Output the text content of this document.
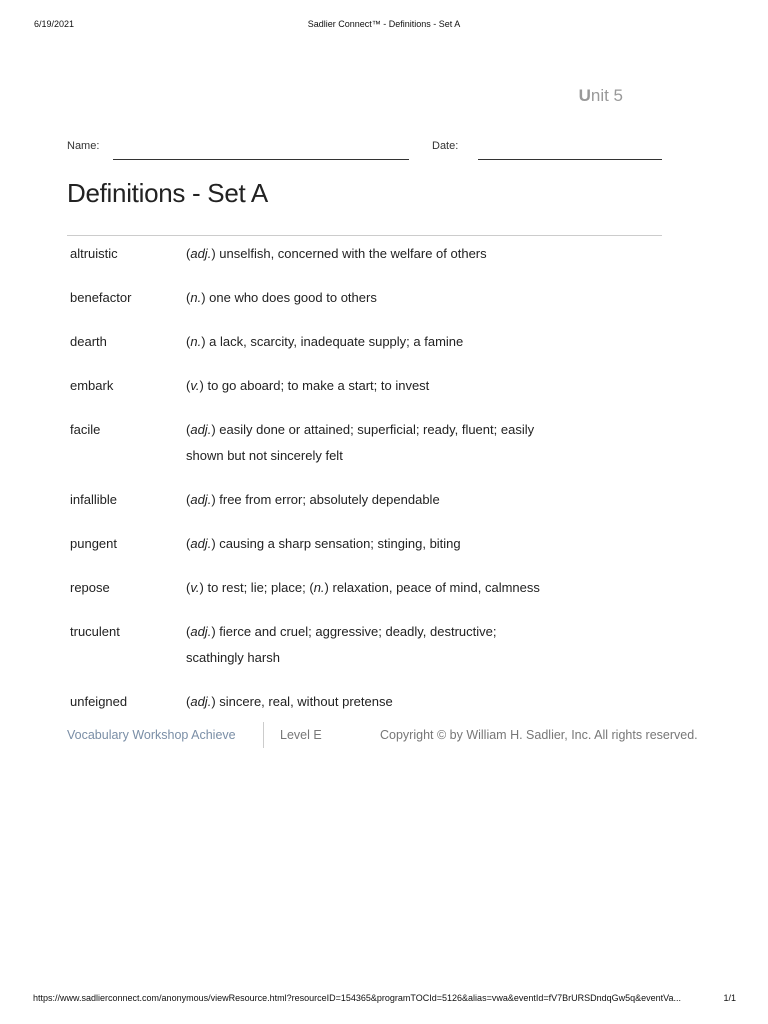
6/19/2021	Sadlier Connect™ - Definitions - Set A
Unit 5
Name:	Date:
Definitions - Set A
altruistic	(adj.) unselfish, concerned with the welfare of others
benefactor	(n.) one who does good to others
dearth	(n.) a lack, scarcity, inadequate supply; a famine
embark	(v.) to go aboard; to make a start; to invest
facile	(adj.) easily done or attained; superficial; ready, fluent; easily
shown but not sincerely felt
infallible	(adj.) free from error; absolutely dependable
pungent	(adj.) causing a sharp sensation; stinging, biting
repose	(v.) to rest; lie; place; (n.) relaxation, peace of mind, calmness
truculent	(adj.) fierce and cruel; aggressive; deadly, destructive;
scathingly harsh
unfeigned	(adj.) sincere, real, without pretense
Vocabulary Workshop Achieve	Level E	Copyright © by William H. Sadlier, Inc. All rights reserved.
https://www.sadlierconnect.com/anonymous/viewResource.html?resourceID=154365&programTOCId=5126&alias=vwa&eventId=fV7BrURSDndqGw5q&eventVa...	1/1
